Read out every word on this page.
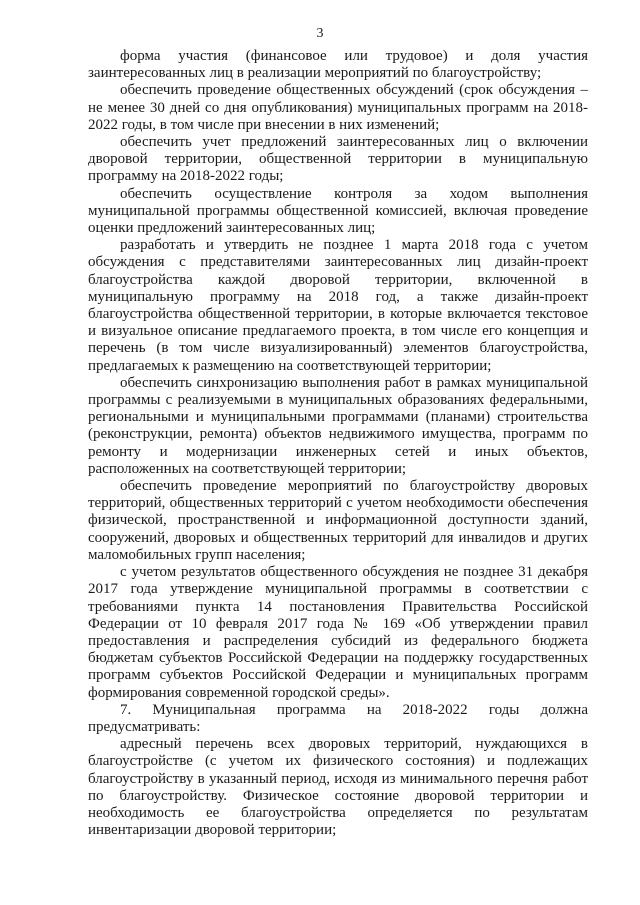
3

форма участия (финансовое или трудовое) и доля участия заинтересованных лиц в реализации мероприятий по благоустройству;

обеспечить проведение общественных обсуждений (срок обсуждения – не менее 30 дней со дня опубликования) муниципальных программ на 2018-2022 годы, в том числе при внесении в них изменений;

обеспечить учет предложений заинтересованных лиц о включении дворовой территории, общественной территории в муниципальную программу на 2018-2022 годы;

обеспечить осуществление контроля за ходом выполнения муниципальной программы общественной комиссией, включая проведение оценки предложений заинтересованных лиц;

разработать и утвердить не позднее 1 марта 2018 года с учетом обсуждения с представителями заинтересованных лиц дизайн-проект благоустройства каждой дворовой территории, включенной в муниципальную программу на 2018 год, а также дизайн-проект благоустройства общественной территории, в которые включается текстовое и визуальное описание предлагаемого проекта, в том числе его концепция и перечень (в том числе визуализированный) элементов благоустройства, предлагаемых к размещению на соответствующей территории;

обеспечить синхронизацию выполнения работ в рамках муниципальной программы с реализуемыми в муниципальных образованиях федеральными, региональными и муниципальными программами (планами) строительства (реконструкции, ремонта) объектов недвижимого имущества, программ по ремонту и модернизации инженерных сетей и иных объектов, расположенных на соответствующей территории;

обеспечить проведение мероприятий по благоустройству дворовых территорий, общественных территорий с учетом необходимости обеспечения физической, пространственной и информационной доступности зданий, сооружений, дворовых и общественных территорий для инвалидов и других маломобильных групп населения;

с учетом результатов общественного обсуждения не позднее 31 декабря 2017 года утверждение муниципальной программы в соответствии с требованиями пункта 14 постановления Правительства Российской Федерации от 10 февраля 2017 года № 169 «Об утверждении правил предоставления и распределения субсидий из федерального бюджета бюджетам субъектов Российской Федерации на поддержку государственных программ субъектов Российской Федерации и муниципальных программ формирования современной городской среды».

7. Муниципальная программа на 2018-2022 годы должна предусматривать:

адресный перечень всех дворовых территорий, нуждающихся в благоустройстве (с учетом их физического состояния) и подлежащих благоустройству в указанный период, исходя из минимального перечня работ по благоустройству. Физическое состояние дворовой территории и необходимость ее благоустройства определяется по результатам инвентаризации дворовой территории;
